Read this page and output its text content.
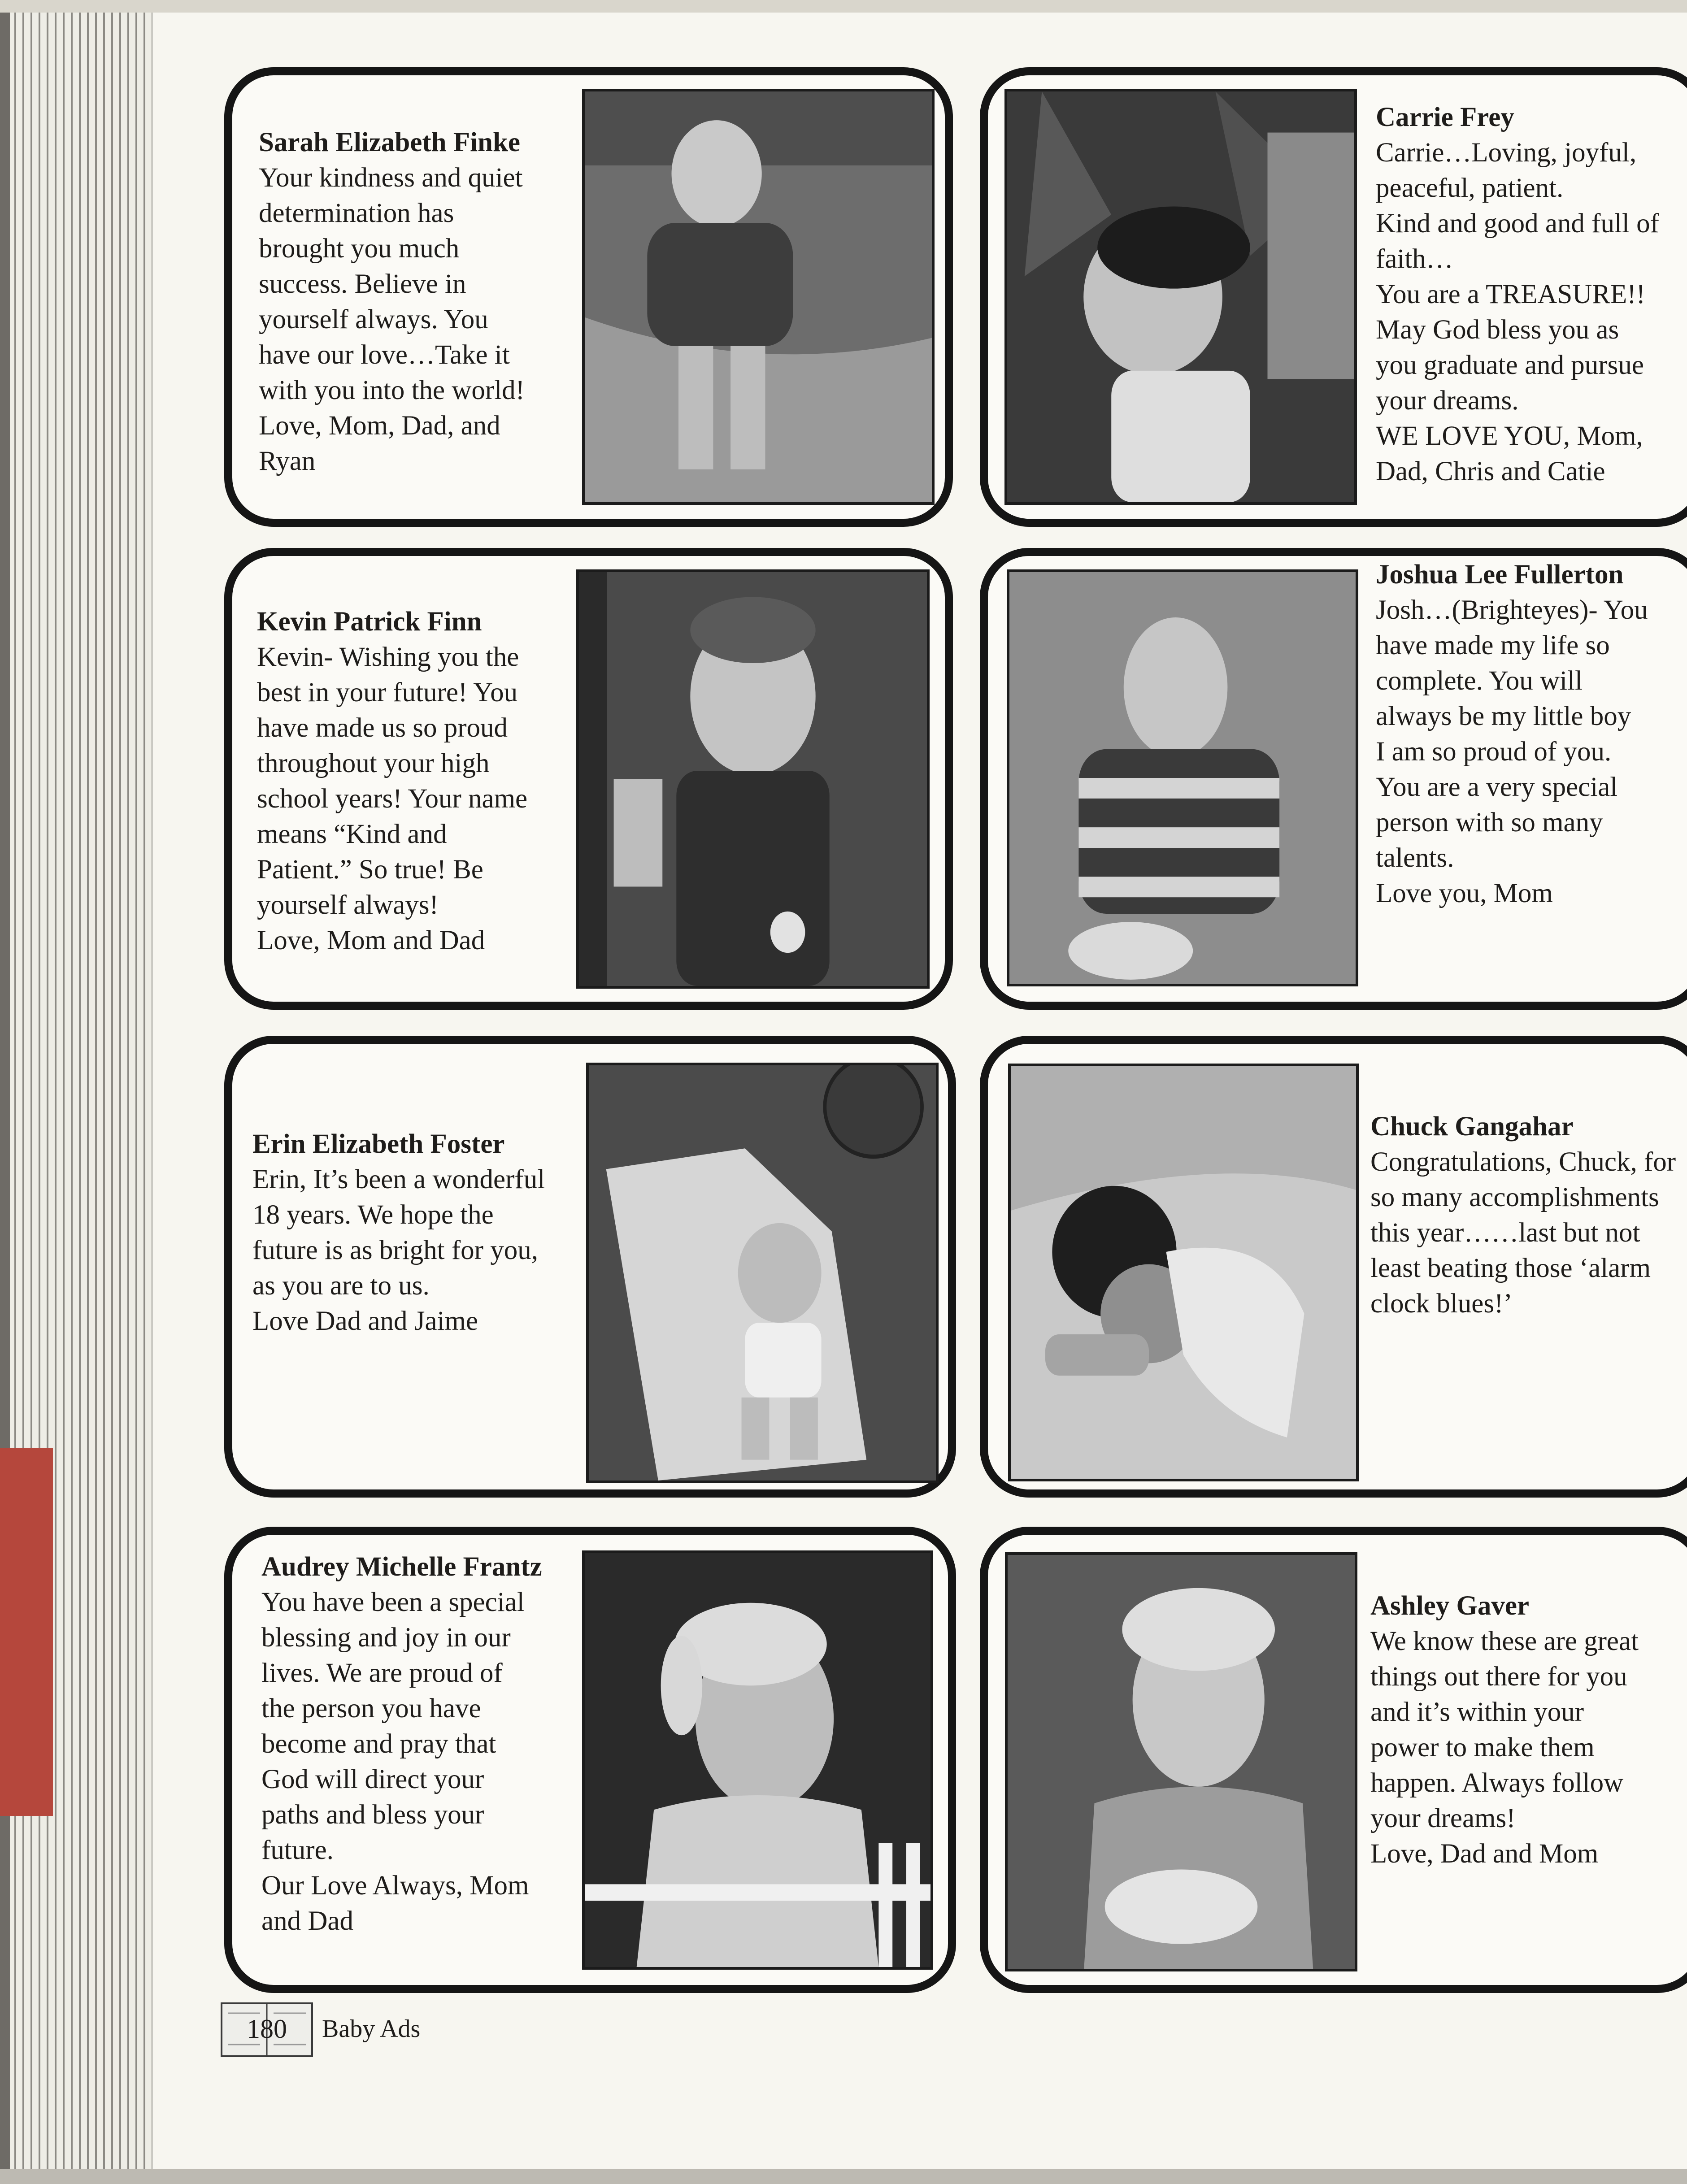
Sarah Elizabeth Finke
Your kindness and quiet
determination has
brought you much
success. Believe in
yourself always. You
have our love…Take it
with you into the world!
Love, Mom, Dad, and
Ryan
Carrie Frey
Carrie…Loving, joyful,
peaceful, patient.
Kind and good and full of
faith…
You are a TREASURE!!
May God bless you as
you graduate and pursue
your dreams.
WE LOVE YOU, Mom,
Dad, Chris and Catie
Kevin Patrick Finn
Kevin- Wishing you the
best in your future! You
have made us so proud
throughout your high
school years! Your name
means “Kind and
Patient.” So true! Be
yourself always!
Love, Mom and Dad
Joshua Lee Fullerton
Josh…(Brighteyes)- You
have made my life so
complete. You will
always be my little boy
I am so proud of you.
You are a very special
person with so many
talents.
Love you, Mom
Erin Elizabeth Foster
Erin, It’s been a wonderful
18 years. We hope the
future is as bright for you,
as you are to us.
Love Dad and Jaime
Chuck Gangahar
Congratulations, Chuck, for
so many accomplishments
this year……last but not
least beating those ‘alarm
clock blues!’
Audrey Michelle Frantz
You have been a special
blessing and joy in our
lives. We are proud of
the person you have
become and pray that
God will direct your
paths and bless your
future.
Our Love Always, Mom
and Dad
Ashley Gaver
We know these are great
things out there for you
and it’s within your
power to make them
happen. Always follow
your dreams!
Love, Dad and Mom
180	Baby Ads
